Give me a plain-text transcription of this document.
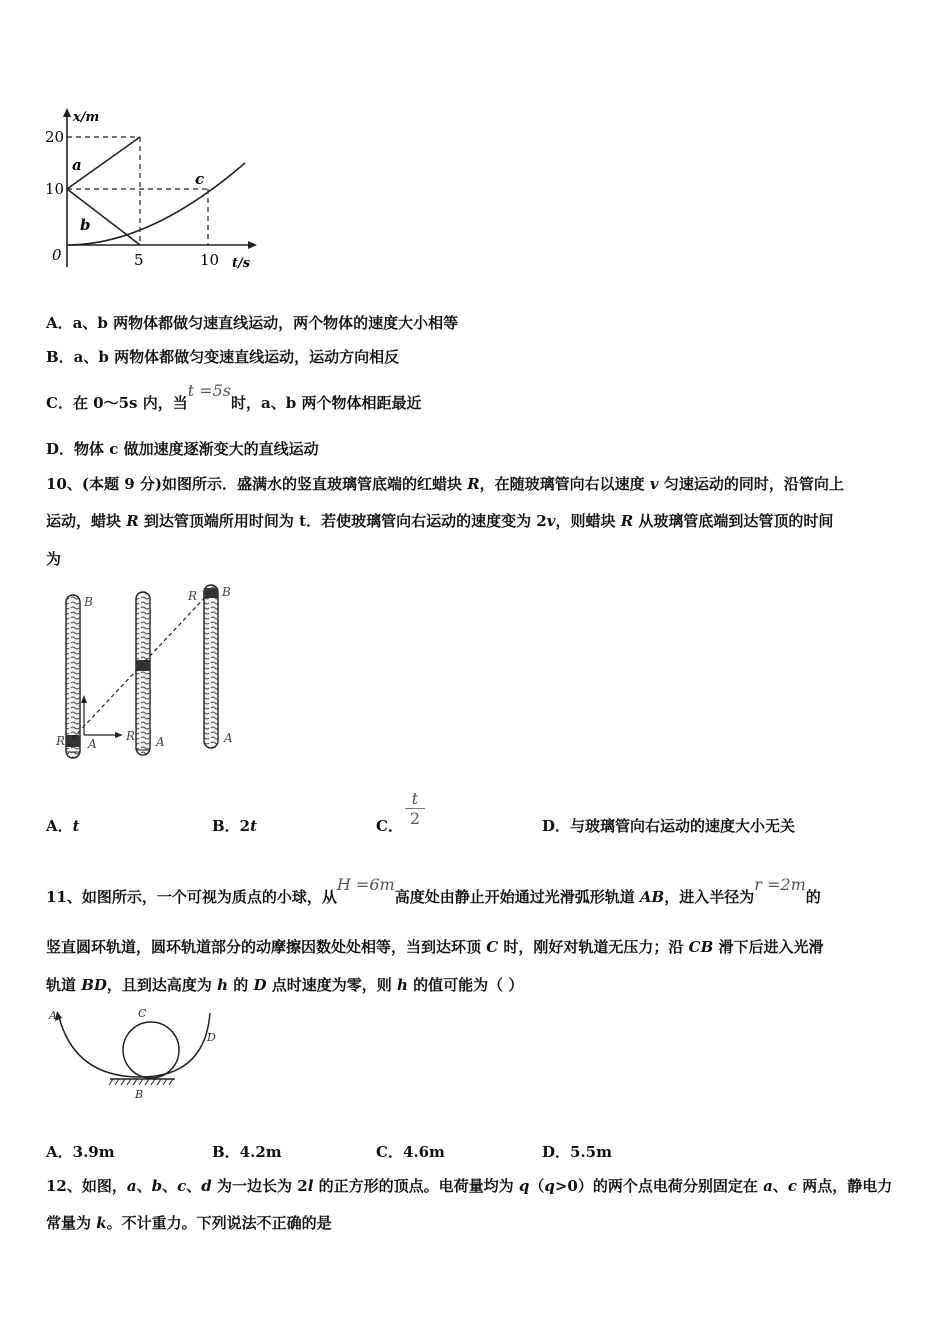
x/m
t/s
20
10
0	5	10
a
b
c
A．a、b 两物体都做匀速直线运动，两个物体的速度大小相等
B．a、b 两物体都做匀变速直线运动，运动方向相反
C．在 0～5s 内，当t =5s时，a、b 两个物体相距最近
D．物体 c 做加速度逐渐变大的直线运动
10、(本题 9 分)如图所示．盛满水的竖直玻璃管底端的红蜡块 R，在随玻璃管向右以速度 v 匀速运动的同时，沿管向上
运动，蜡块 R 到达管顶端所用时间为 t．若使玻璃管向右运动的速度变为 2v，则蜡块 R 从玻璃管底端到达管顶的时间
为
B
R A
R A
R B
A
A．t	B．2t	C．
t
2	D．与玻璃管向右运动的速度大小无关
11、如图所示，一个可视为质点的小球，从H =6m高度处由静止开始通过光滑弧形轨道 AB，进入半径为r =2m的
竖直圆环轨道，圆环轨道部分的动摩擦因数处处相等，当到达环顶 C 时，刚好对轨道无压力；沿 CB 滑下后进入光滑
轨道 BD，且到达高度为 h 的 D 点时速度为零，则 h 的值可能为（ ）
A	C
D
B
A．3.9m	B．4.2m	C．4.6m	D．5.5m
12、如图，a、b、c、d 为一边长为 2l 的正方形的顶点。电荷量均为 q（q>0）的两个点电荷分别固定在 a、c 两点，静电力
常量为 k。不计重力。下列说法不正确的是
